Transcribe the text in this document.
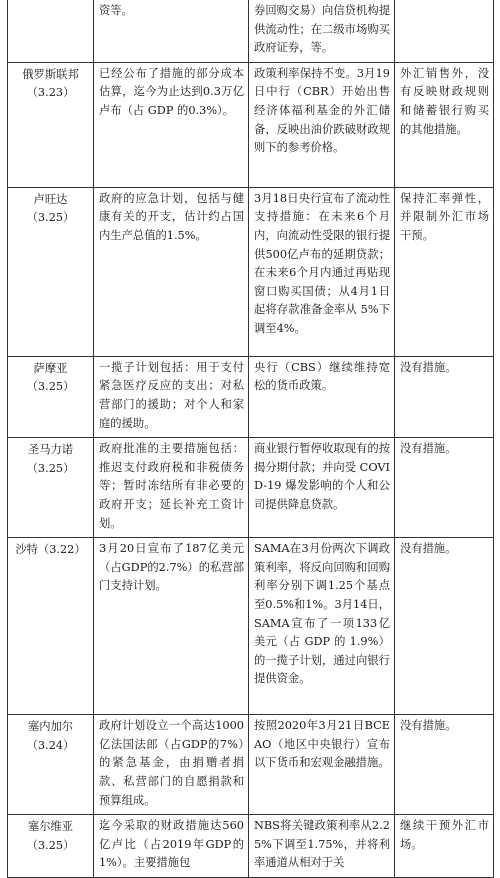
	资等。	券回购交易）向信贷机构提供流动性；在二级市场购买政府证券，等。	

俄罗斯联邦
（3.23）	已经公布了措施的部分成本估算，迄今为止达到0.3万亿卢布（占 GDP 的0.3%）。	政策利率保持不变。3月19日中行（CBR）开始出售经济体福利基金的外汇储备，反映出油价跌破财政规则下的参考价格。	外汇销售外，没有反映财政规则和储蓄银行购买的其他措施。

卢旺达
（3.25）	政府的应急计划，包括与健康有关的开支，估计约占国内生产总值的1.5%。	3月18日央行宣布了流动性支持措施：在未来6个月内，向流动性受限的银行提供500亿卢布的延期贷款；在未来6个月内通过再贴现窗口购买国债；从4月1日起将存款准备金率从 5%下调至4%。	保持汇率弹性，并限制外汇市场干预。

萨摩亚
（3.25）	一揽子计划包括：用于支付紧急医疗反应的支出；对私营部门的援助；对个人和家庭的援助。	央行（CBS）继续维持宽松的货币政策。	没有措施。

圣马力诺
（3.25）	政府批准的主要措施包括：推迟支付政府税和非税债务等；暂时冻结所有非必要的政府开支；延长补充工资计划。	商业银行暂停收取现有的按揭分期付款；并向受 COVID-19 爆发影响的个人和公司提供降息贷款。	没有措施。

沙特（3.22）	3月20日宣布了187亿美元（占GDP的2.7%）的私营部门支持计划。	SAMA在3月份两次下调政策利率，将反向回购和回购利率分别下调1.25个基点至0.5%和1%。3月14日，SAMA宣布了一项133亿美元（占 GDP 的 1.9%）的一揽子计划，通过向银行提供资金。	没有措施。

塞内加尔
（3.24）	政府计划设立一个高达1000亿法国法郎（占GDP的7%）的紧急基金，由捐赠者捐款、私营部门的自愿捐款和预算组成。	按照2020年3月21日BCEAO（地区中央银行）宣布以下货币和宏观金融措施。	没有措施。

塞尔维亚
（3.25）	迄今采取的财政措施达560亿卢比（占2019年GDP的1%）。主要措施包	NBS将关键政策利率从2.25%下调至1.75%，并将利率通道从相对于关	继续干预外汇市场。
